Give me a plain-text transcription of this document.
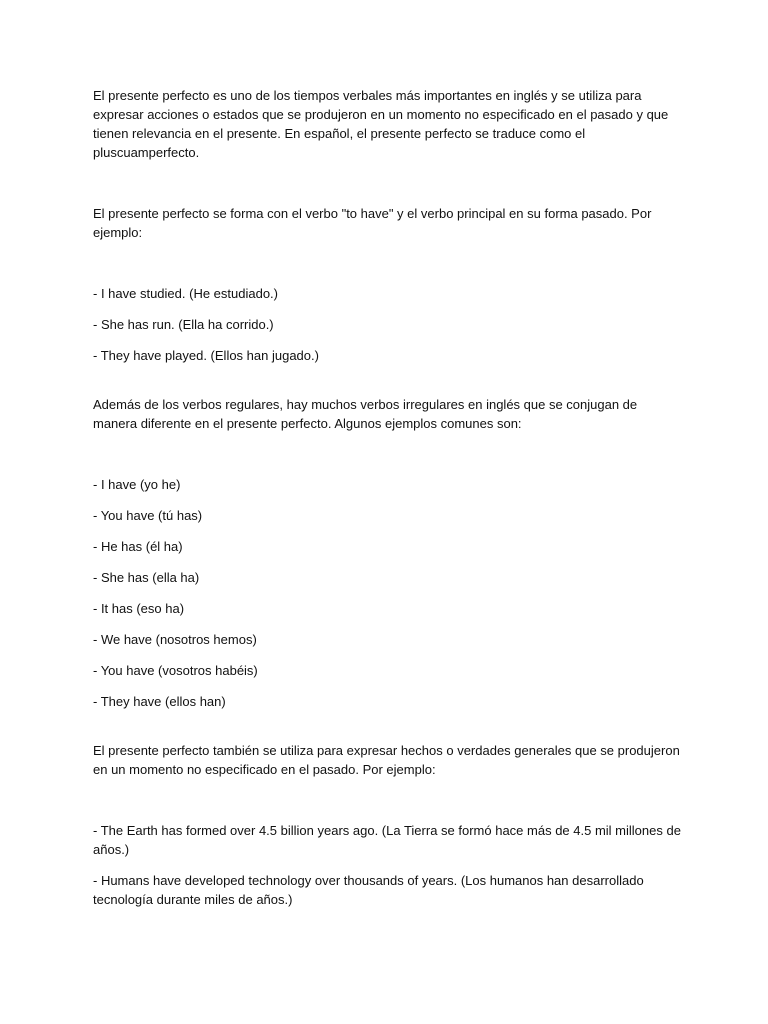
El presente perfecto es uno de los tiempos verbales más importantes en inglés y se utiliza para expresar acciones o estados que se produjeron en un momento no especificado en el pasado y que tienen relevancia en el presente. En español, el presente perfecto se traduce como el pluscuamperfecto.

El presente perfecto se forma con el verbo "to have" y el verbo principal en su forma pasado. Por ejemplo:

- I have studied. (He estudiado.)

- She has run. (Ella ha corrido.)

- They have played. (Ellos han jugado.)

Además de los verbos regulares, hay muchos verbos irregulares en inglés que se conjugan de manera diferente en el presente perfecto. Algunos ejemplos comunes son:

- I have (yo he)

- You have (tú has)

- He has (él ha)

- She has (ella ha)

- It has (eso ha)

- We have (nosotros hemos)

- You have (vosotros habéis)

- They have (ellos han)

El presente perfecto también se utiliza para expresar hechos o verdades generales que se produjeron en un momento no especificado en el pasado. Por ejemplo:

- The Earth has formed over 4.5 billion years ago. (La Tierra se formó hace más de 4.5 mil millones de años.)

- Humans have developed technology over thousands of years. (Los humanos han desarrollado tecnología durante miles de años.)
